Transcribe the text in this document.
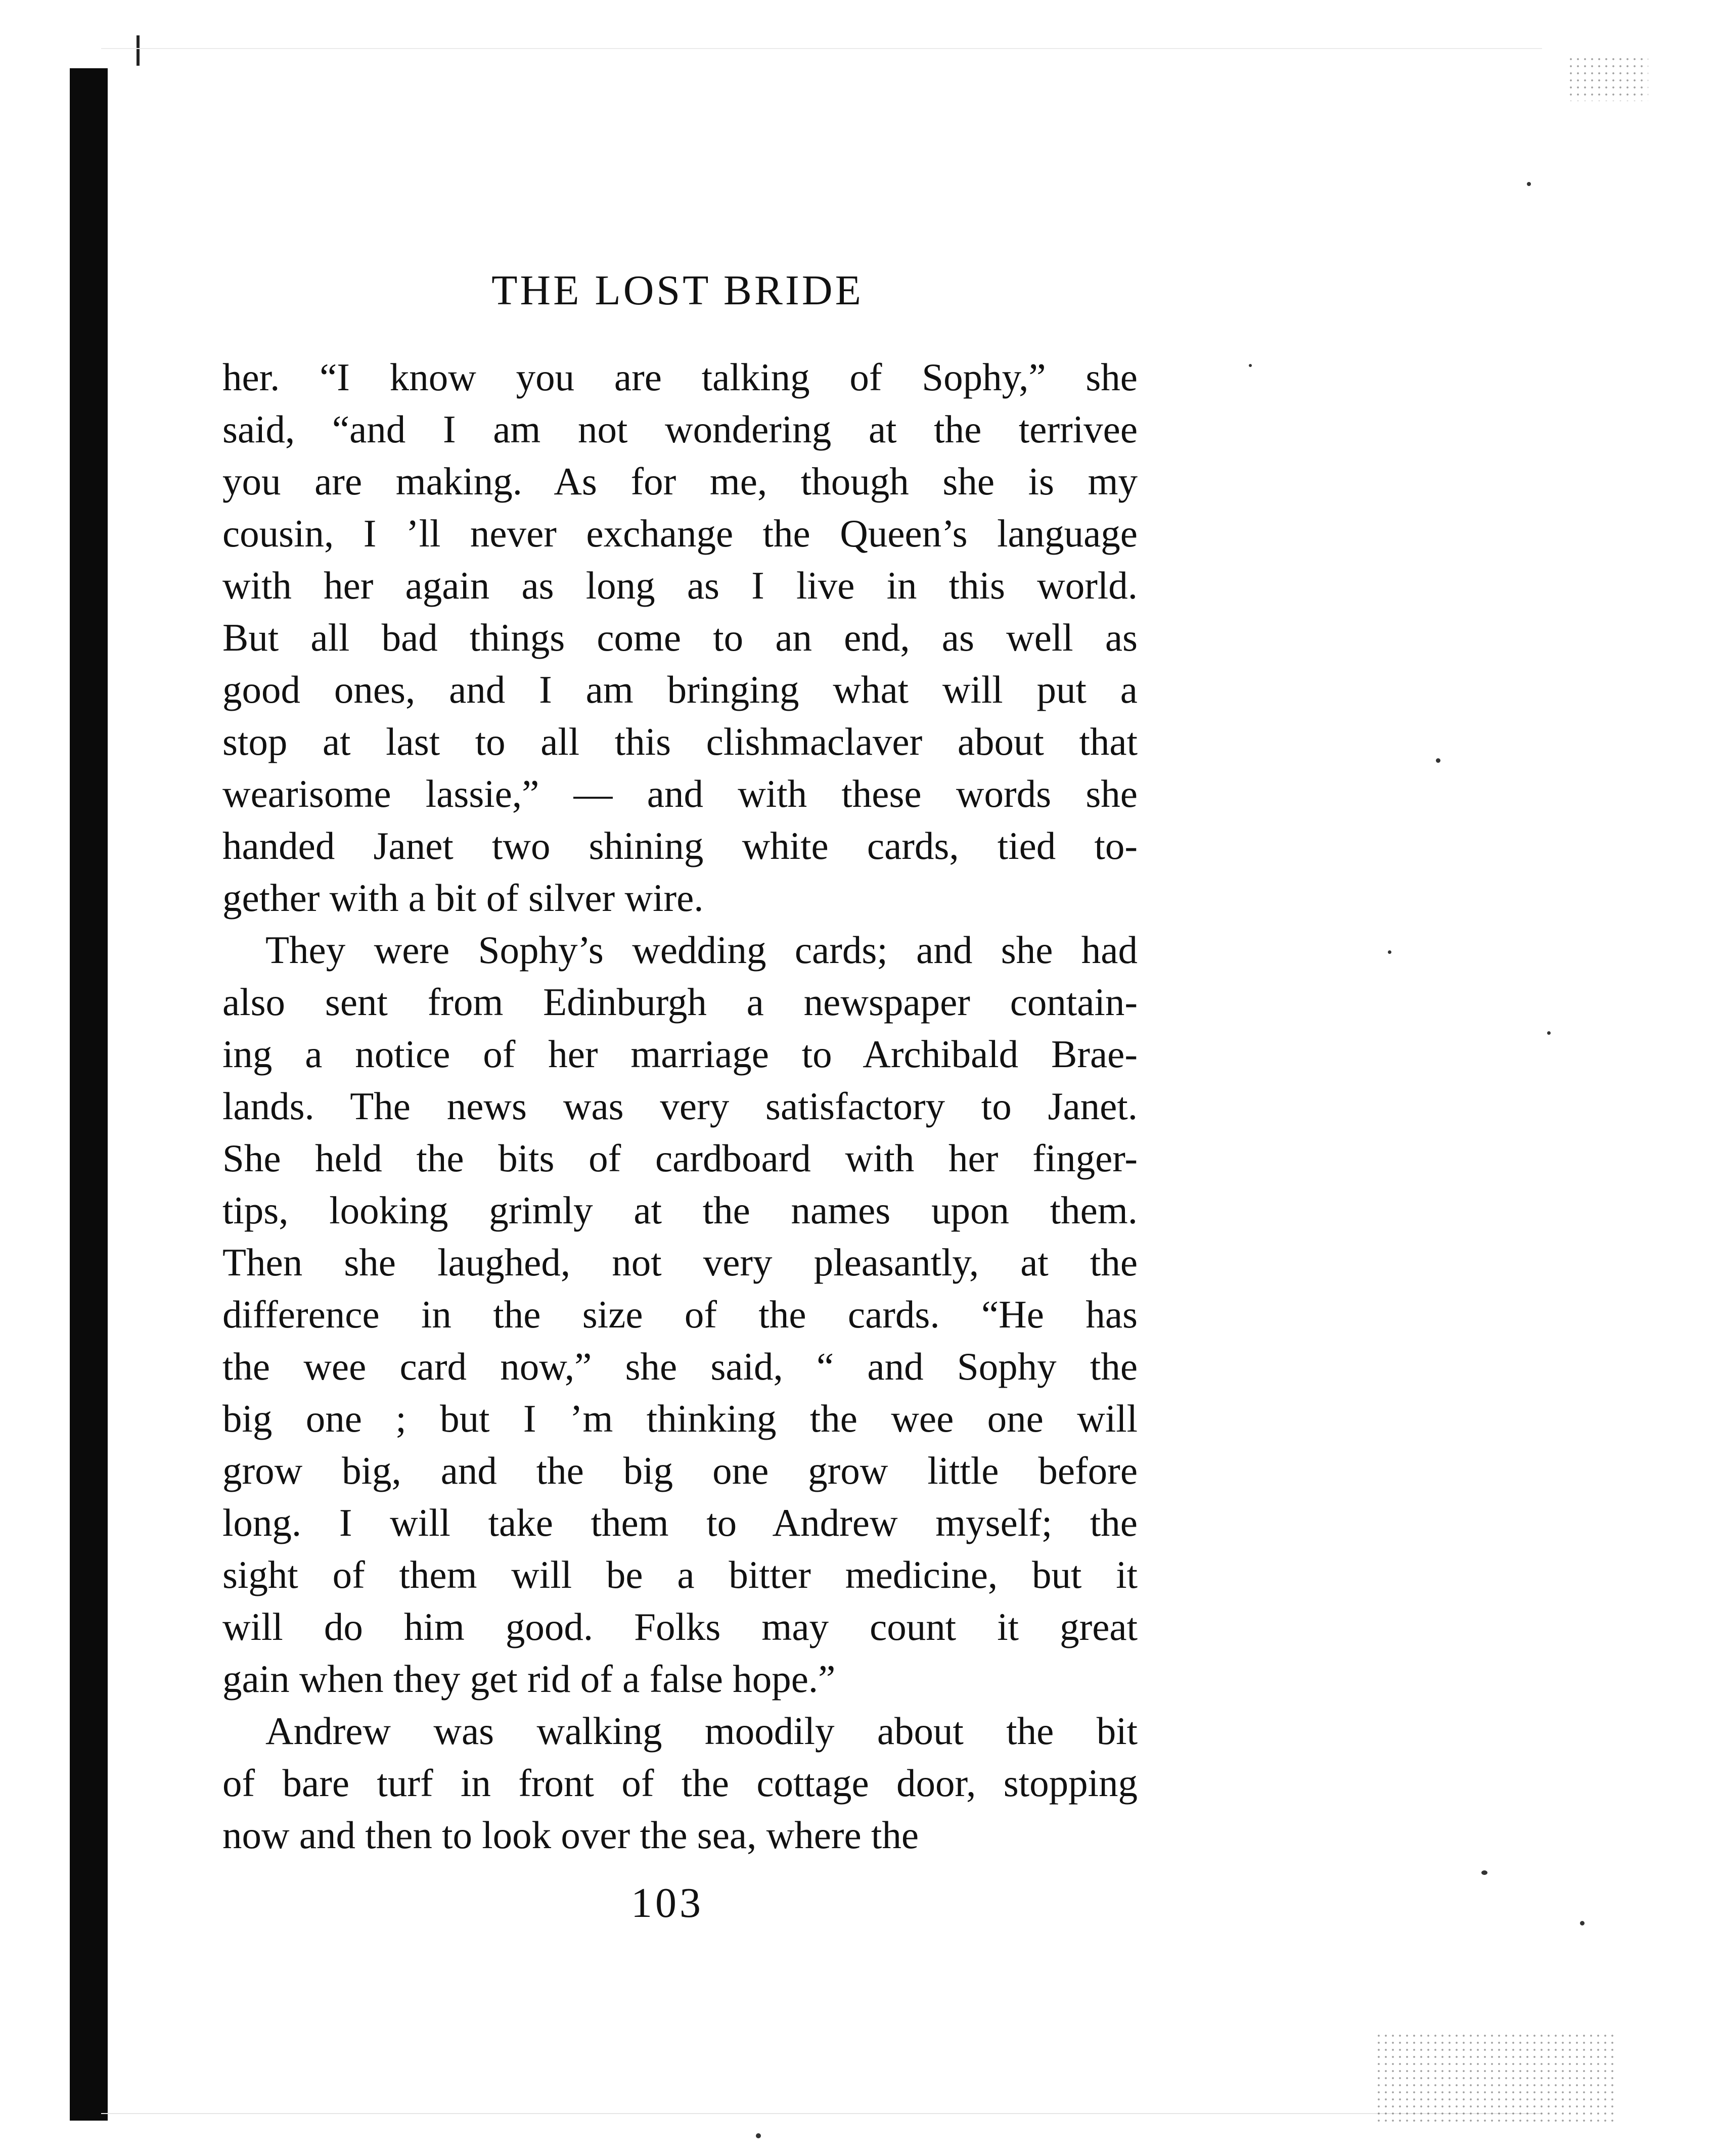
THE LOST BRIDE
her. “I know you are talking of Sophy,” she
said, “and I am not wondering at the terrivee
you are making. As for me, though she is my
cousin, I ’ll never exchange the Queen’s language
with her again as long as I live in this world.
But all bad things come to an end, as well as
good ones, and I am bringing what will put a
stop at last to all this clishmaclaver about that
wearisome lassie,” — and with these words she
handed Janet two shining white cards, tied to-
gether with a bit of silver wire.
They were Sophy’s wedding cards; and she had
also sent from Edinburgh a newspaper contain-
ing a notice of her marriage to Archibald Brae-
lands. The news was very satisfactory to Janet.
She held the bits of cardboard with her finger-
tips, looking grimly at the names upon them.
Then she laughed, not very pleasantly, at the
difference in the size of the cards. “He has
the wee card now,” she said, “ and Sophy the
big one ; but I ’m thinking the wee one will
grow big, and the big one grow little before
long. I will take them to Andrew myself; the
sight of them will be a bitter medicine, but it
will do him good. Folks may count it great
gain when they get rid of a false hope.”
Andrew was walking moodily about the bit
of bare turf in front of the cottage door, stopping
now and then to look over the sea, where the
103
